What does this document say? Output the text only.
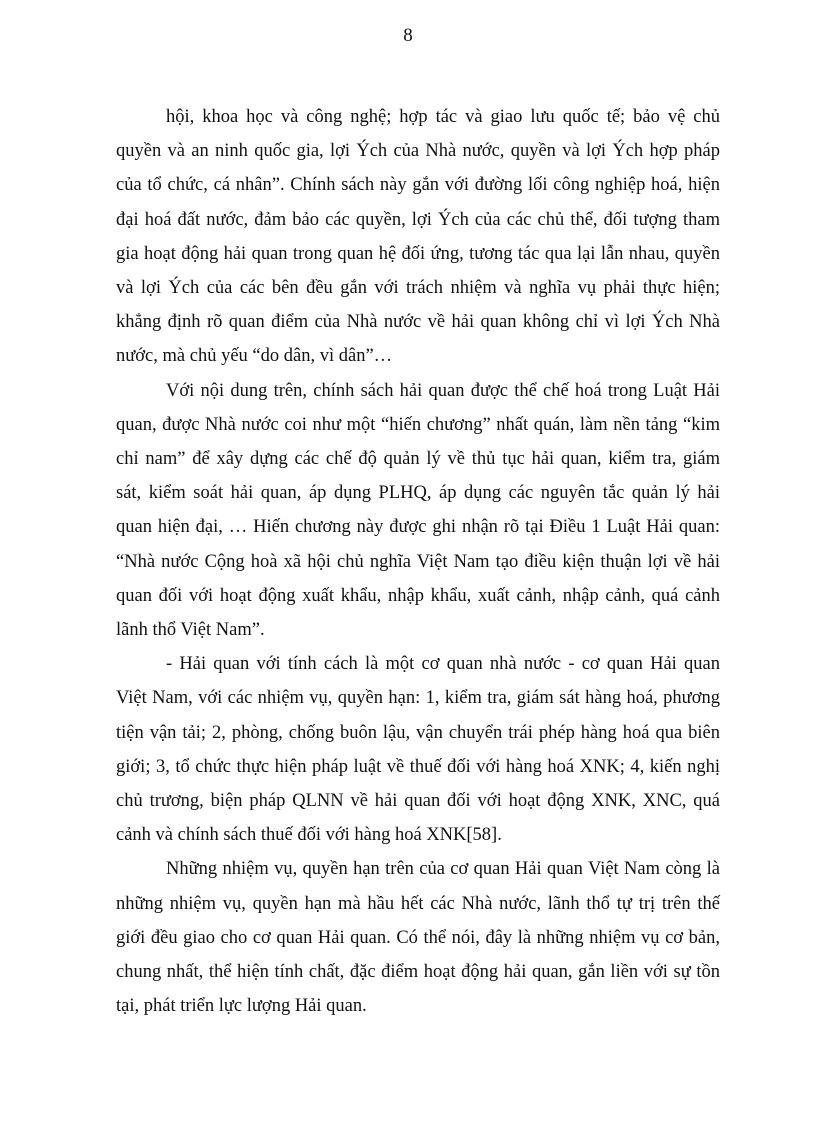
8

hội, khoa học và công nghệ; hợp tác và giao lưu quốc tế; bảo vệ chủ
quyền và an ninh quốc gia, lợi Ých của Nhà nước, quyền và lợi Ých hợp pháp
của tổ chức, cá nhân”. Chính sách này gắn với đường lối công nghiệp hoá, hiện
đại hoá đất nước, đảm bảo các quyền, lợi Ých của các chủ thể, đối tượng tham
gia hoạt động hải quan trong quan hệ đối ứng, tương tác qua lại lẫn nhau, quyền
và lợi Ých của các bên đều gắn với trách nhiệm và nghĩa vụ phải thực hiện;
khẳng định rõ quan điểm của Nhà nước về hải quan không chỉ vì lợi Ých Nhà
nước, mà chủ yếu “do dân, vì dân”…

Với nội dung trên, chính sách hải quan được thể chế hoá trong Luật Hải
quan, được Nhà nước coi như một “hiến chương” nhất quán, làm nền tảng “kim
chỉ nam” để xây dựng các chế độ quản lý về thủ tục hải quan, kiểm tra, giám
sát, kiểm soát hải quan, áp dụng PLHQ, áp dụng các nguyên tắc quản lý hải
quan hiện đại, … Hiến chương này được ghi nhận rõ tại Điều 1 Luật Hải quan:
“Nhà nước Cộng hoà xã hội chủ nghĩa Việt Nam tạo điều kiện thuận lợi về hải
quan đối với hoạt động xuất khẩu, nhập khẩu, xuất cảnh, nhập cảnh, quá cảnh
lãnh thổ Việt Nam”.

- Hải quan với tính cách là một cơ quan nhà nước - cơ quan Hải quan
Việt Nam, với các nhiệm vụ, quyền hạn: 1, kiểm tra, giám sát hàng hoá, phương
tiện vận tải; 2, phòng, chống buôn lậu, vận chuyển trái phép hàng hoá qua biên
giới; 3, tổ chức thực hiện pháp luật về thuế đối với hàng hoá XNK; 4, kiến nghị
chủ trương, biện pháp QLNN về hải quan đối với hoạt động XNK, XNC, quá
cảnh và chính sách thuế đối với hàng hoá XNK[58].

Những nhiệm vụ, quyền hạn trên của cơ quan Hải quan Việt Nam còng là
những nhiệm vụ, quyền hạn mà hầu hết các Nhà nước, lãnh thổ tự trị trên thế
giới đều giao cho cơ quan Hải quan. Có thể nói, đây là những nhiệm vụ cơ bản,
chung nhất, thể hiện tính chất, đặc điểm hoạt động hải quan, gắn liền với sự tồn
tại, phát triển lực lượng Hải quan.
